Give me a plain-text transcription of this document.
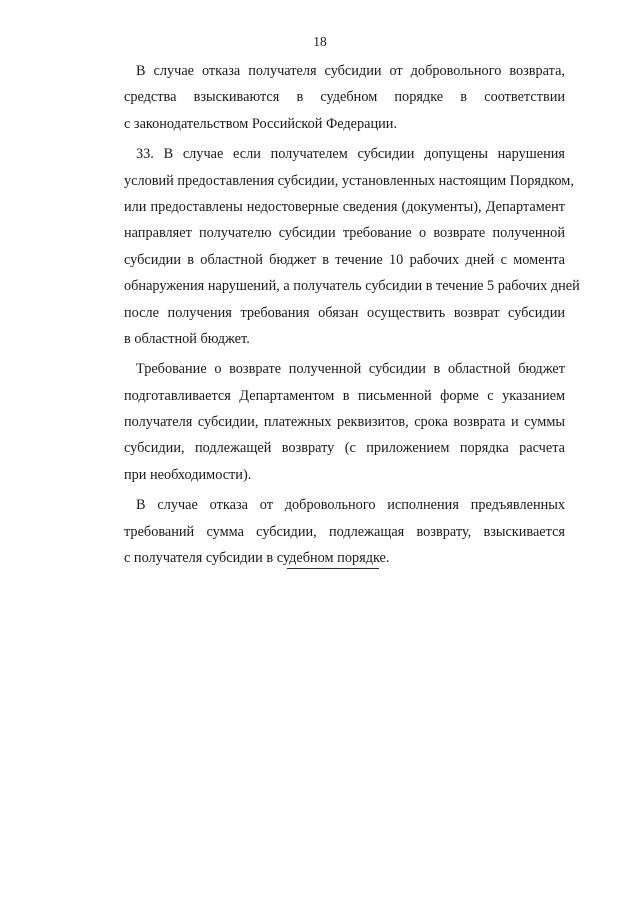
18
В случае отказа получателя субсидии от добровольного возврата,
средства взыскиваются в судебном порядке в соответствии
с законодательством Российской Федерации.
33. В случае если получателем субсидии допущены нарушения
условий предоставления субсидии, установленных настоящим Порядком,
или предоставлены недостоверные сведения (документы), Департамент
направляет получателю субсидии требование о возврате полученной
субсидии в областной бюджет в течение 10 рабочих дней с момента
обнаружения нарушений, а получатель субсидии в течение 5 рабочих дней
после получения требования обязан осуществить возврат субсидии
в областной бюджет.
Требование о возврате полученной субсидии в областной бюджет
подготавливается Департаментом в письменной форме с указанием
получателя субсидии, платежных реквизитов, срока возврата и суммы
субсидии, подлежащей возврату (с приложением порядка расчета
при необходимости).
В случае отказа от добровольного исполнения предъявленных
требований сумма субсидии, подлежащая возврату, взыскивается
с получателя субсидии в судебном порядке.
